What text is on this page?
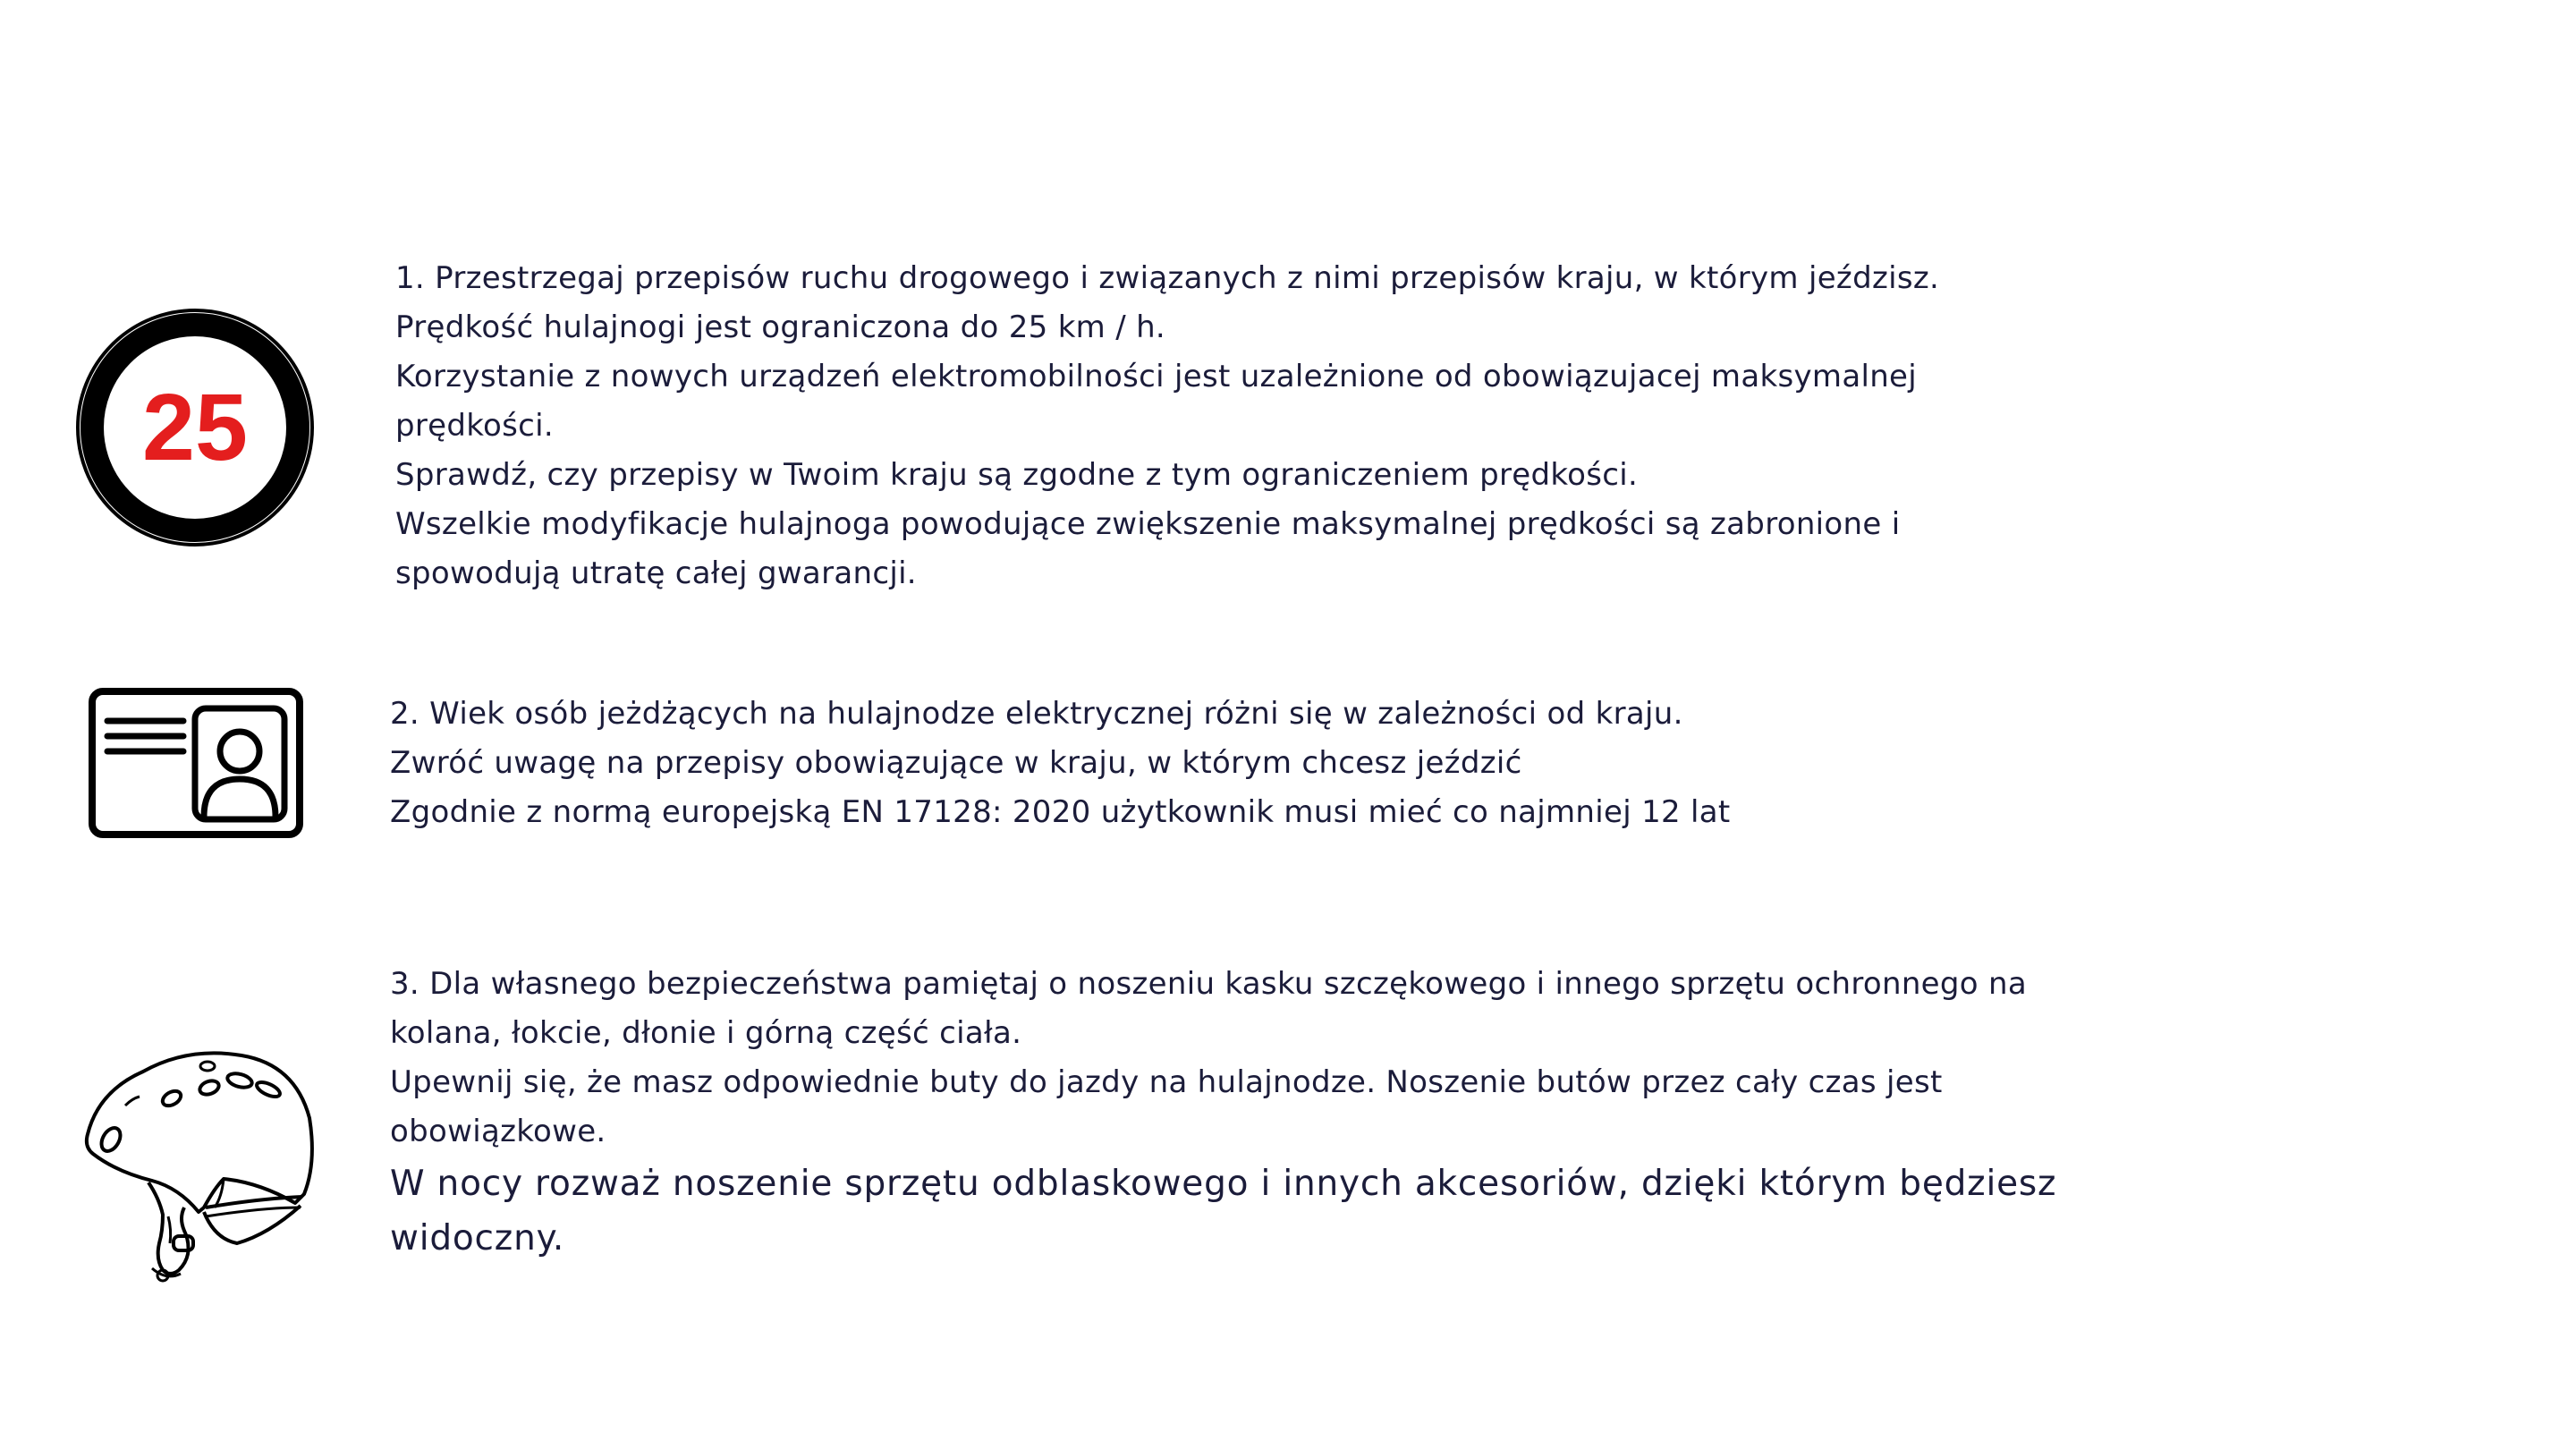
25
1. Przestrzegaj przepisów ruchu drogowego i związanych z nimi przepisów kraju, w którym jeździsz.
Prędkość hulajnogi jest ograniczona do 25 km / h.
Korzystanie z nowych urządzeń elektromobilności jest uzależnione od obowiązujacej maksymalnej
prędkości.
Sprawdź, czy przepisy w Twoim kraju są zgodne z tym ograniczeniem prędkości.
Wszelkie modyfikacje hulajnoga powodujące zwiększenie maksymalnej prędkości są zabronione i
spowodują utratę całej gwarancji.
2. Wiek osób jeżdżących na hulajnodze elektrycznej różni się w zależności od kraju.
Zwróć uwagę na przepisy obowiązujące w kraju, w którym chcesz jeździć
Zgodnie z normą europejską EN 17128: 2020 użytkownik musi mieć co najmniej 12 lat
3. Dla własnego bezpieczeństwa pamiętaj o noszeniu kasku szczękowego i innego sprzętu ochronnego na
kolana, łokcie, dłonie i górną część ciała.
Upewnij się, że masz odpowiednie buty do jazdy na hulajnodze. Noszenie butów przez cały czas jest
obowiązkowe.
W nocy rozważ noszenie sprzętu odblaskowego i innych akcesoriów, dzięki którym będziesz
widoczny.
